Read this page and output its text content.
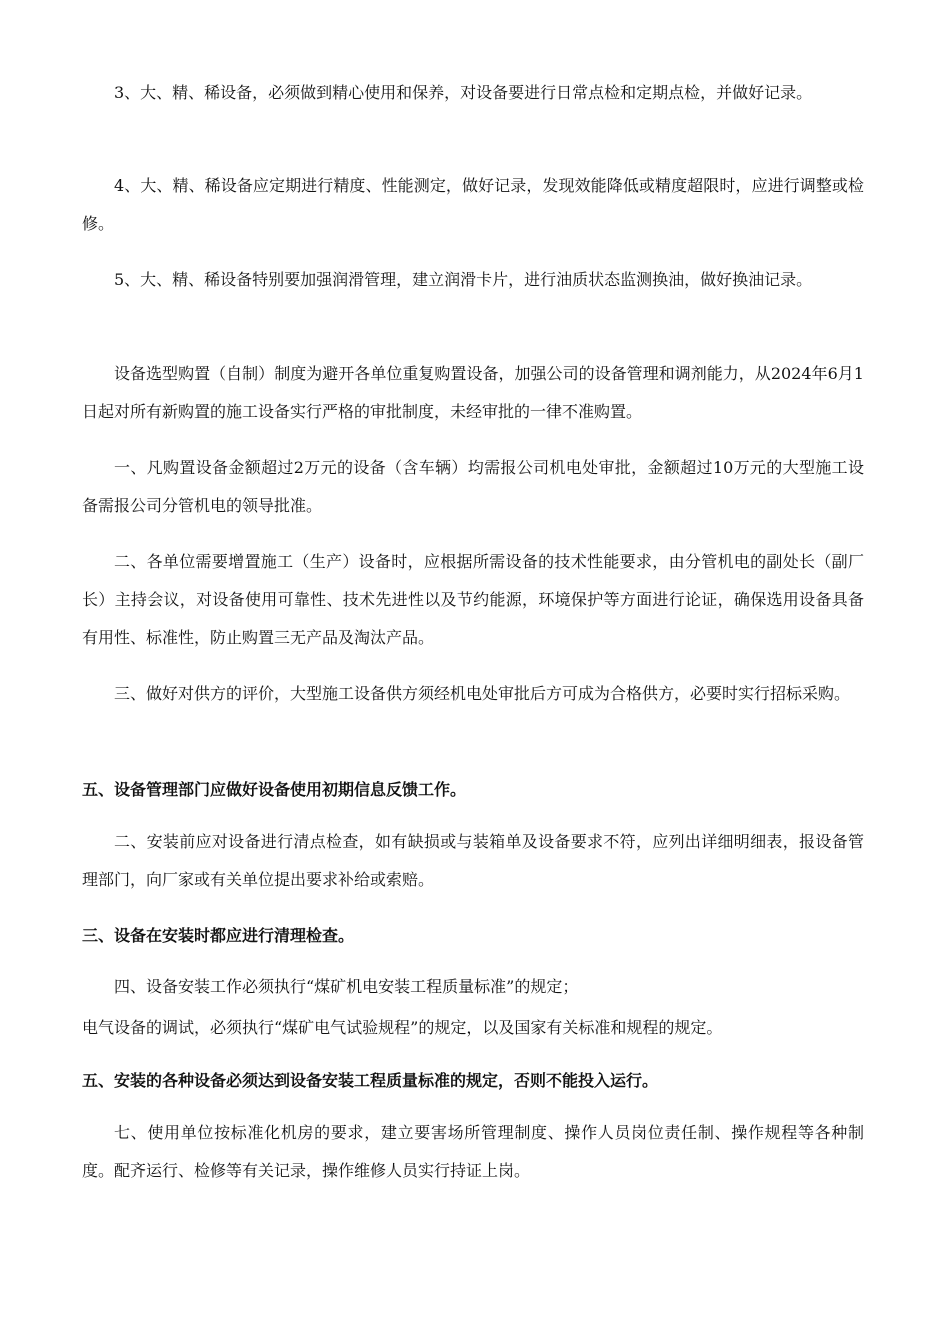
3、大、精、稀设备，必须做到精心使用和保养，对设备要进行日常点检和定期点检，并做好记录。

4、大、精、稀设备应定期进行精度、性能测定，做好记录，发现效能降低或精度超限时，应进行调整或检修。

5、大、精、稀设备特别要加强润滑管理，建立润滑卡片，进行油质状态监测换油，做好换油记录。

设备选型购置（自制）制度为避开各单位重复购置设备，加强公司的设备管理和调剂能力，从2024年6月1日起对所有新购置的施工设备实行严格的审批制度，未经审批的一律不准购置。

一、凡购置设备金额超过2万元的设备（含车辆）均需报公司机电处审批，金额超过10万元的大型施工设备需报公司分管机电的领导批准。

二、各单位需要增置施工（生产）设备时，应根据所需设备的技术性能要求，由分管机电的副处长（副厂长）主持会议，对设备使用可靠性、技术先进性以及节约能源，环境保护等方面进行论证，确保选用设备具备有用性、标准性，防止购置三无产品及淘汰产品。

三、做好对供方的评价，大型施工设备供方须经机电处审批后方可成为合格供方，必要时实行招标采购。

五、设备管理部门应做好设备使用初期信息反馈工作。

二、安装前应对设备进行清点检查，如有缺损或与装箱单及设备要求不符，应列出详细明细表，报设备管理部门，向厂家或有关单位提出要求补给或索赔。

三、设备在安装时都应进行清理检查。

四、设备安装工作必须执行“煤矿机电安装工程质量标准”的规定；

电气设备的调试，必须执行“煤矿电气试验规程”的规定，以及国家有关标准和规程的规定。

五、安装的各种设备必须达到设备安装工程质量标准的规定，否则不能投入运行。

七、使用单位按标准化机房的要求，建立要害场所管理制度、操作人员岗位责任制、操作规程等各种制度。配齐运行、检修等有关记录，操作维修人员实行持证上岗。
